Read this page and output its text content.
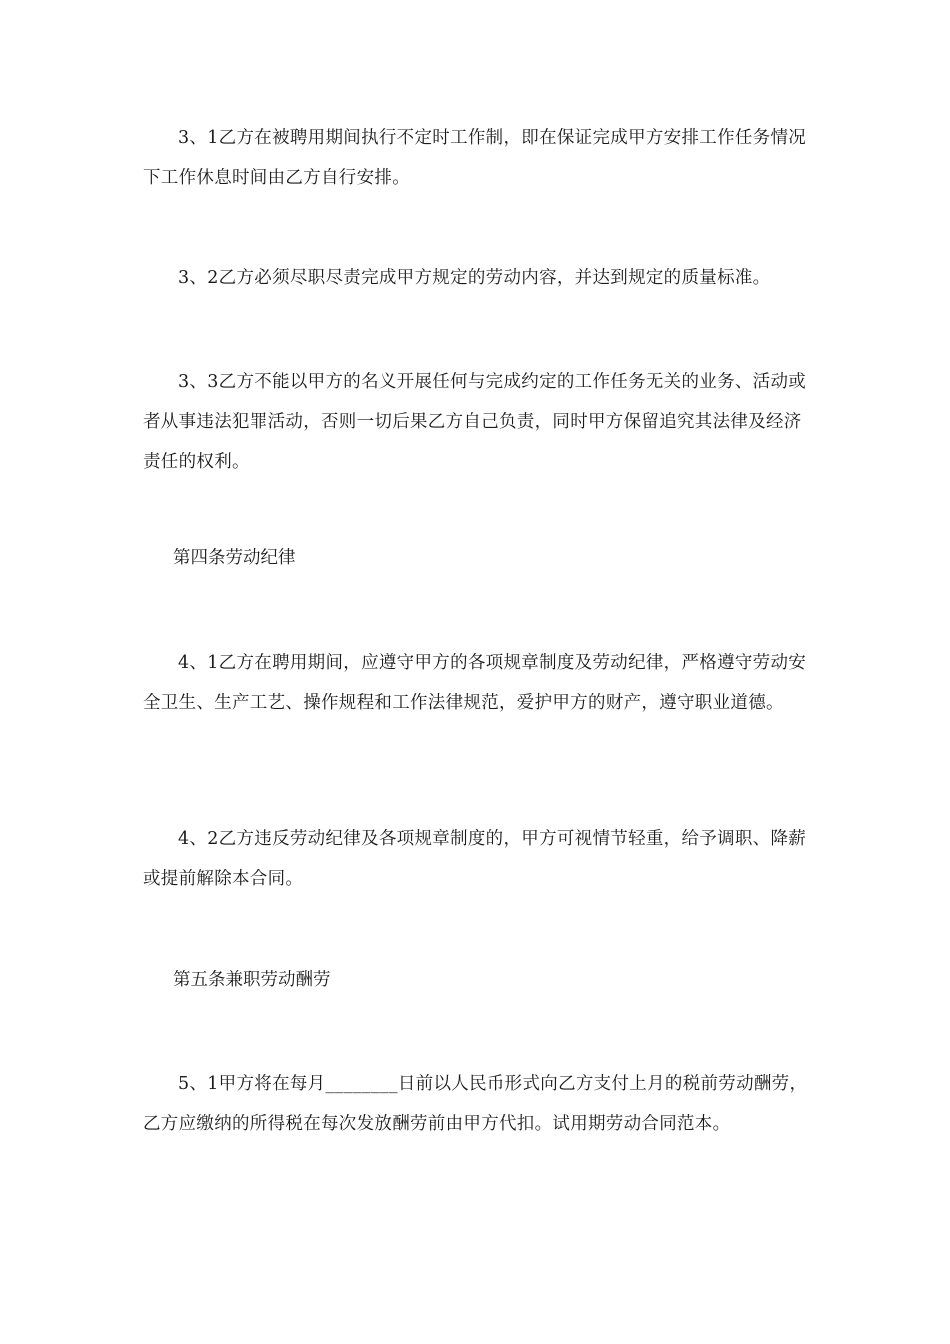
3、1乙方在被聘用期间执行不定时工作制，即在保证完成甲方安排工作任务情况下工作休息时间由乙方自行安排。

3、2乙方必须尽职尽责完成甲方规定的劳动内容，并达到规定的质量标准。

3、3乙方不能以甲方的名义开展任何与完成约定的工作任务无关的业务、活动或者从事违法犯罪活动，否则一切后果乙方自己负责，同时甲方保留追究其法律及经济责任的权利。

第四条劳动纪律

4、1乙方在聘用期间，应遵守甲方的各项规章制度及劳动纪律，严格遵守劳动安全卫生、生产工艺、操作规程和工作法律规范，爱护甲方的财产，遵守职业道德。

4、2乙方违反劳动纪律及各项规章制度的，甲方可视情节轻重，给予调职、降薪或提前解除本合同。

第五条兼职劳动酬劳

5、1甲方将在每月________日前以人民币形式向乙方支付上月的税前劳动酬劳，乙方应缴纳的所得税在每次发放酬劳前由甲方代扣。试用期劳动合同范本。
